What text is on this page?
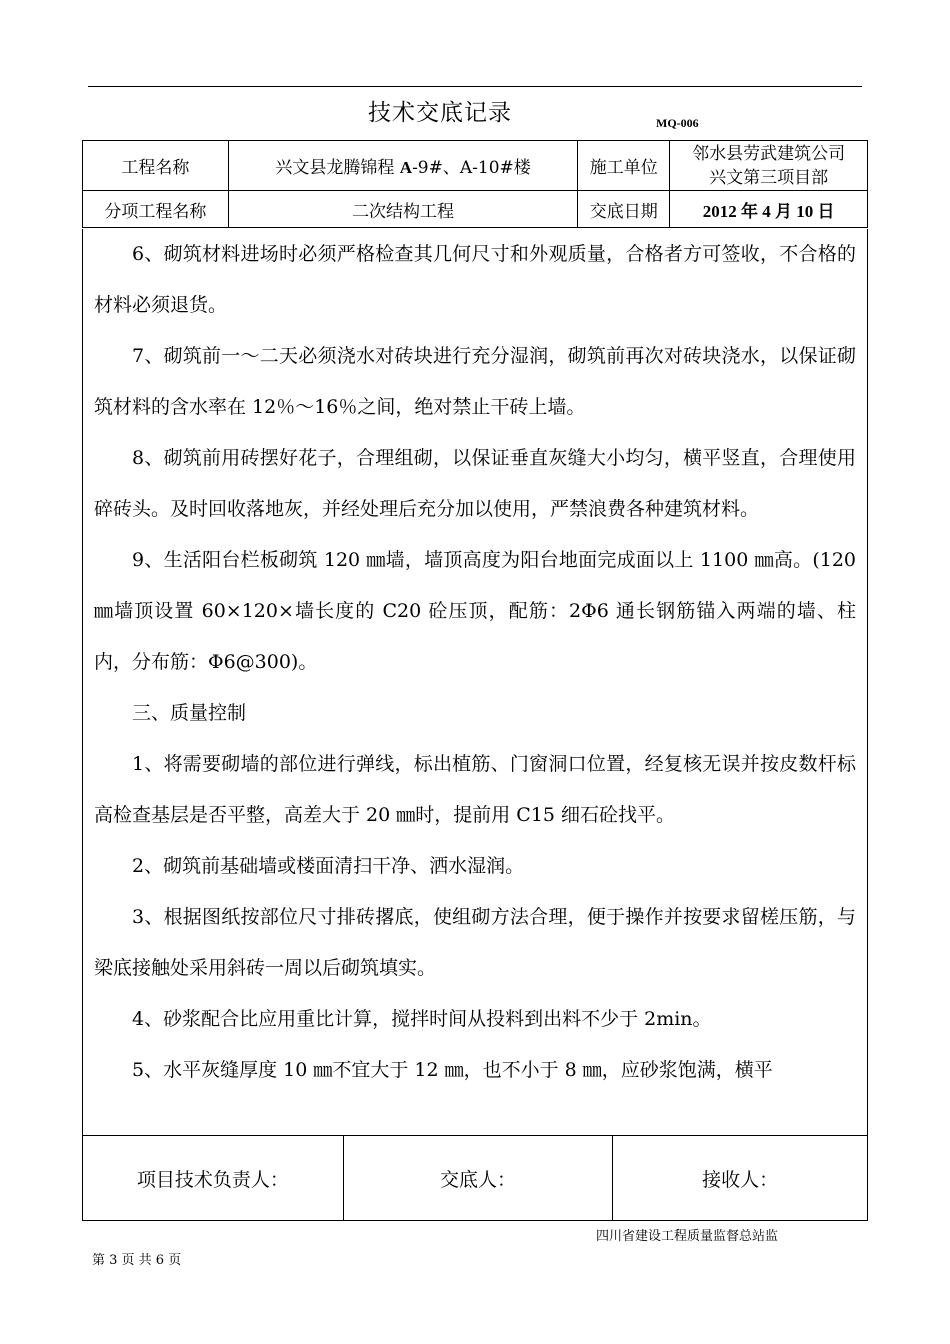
技术交底记录	MQ-006
工程名称	兴文县龙腾锦程 A-9#、A-10#楼	施工单位	邻水县劳武建筑公司
兴文第三项目部

分项工程名称	二次结构工程	交底日期	2012 年 4 月 10 日

6、砌筑材料进场时必须严格检查其几何尺寸和外观质量，合格者方可签收，不合格的材料必须退货。

7、砌筑前一～二天必须浇水对砖块进行充分湿润，砌筑前再次对砖块浇水，以保证砌筑材料的含水率在 12％～16％之间，绝对禁止干砖上墙。

8、砌筑前用砖摆好花子，合理组砌，以保证垂直灰缝大小均匀，横平竖直，合理使用碎砖头。及时回收落地灰，并经处理后充分加以使用，严禁浪费各种建筑材料。

9、生活阳台栏板砌筑 120 ㎜墙，墙顶高度为阳台地面完成面以上 1100 ㎜高。(120 ㎜墙顶设置 60×120×墙长度的 C20 砼压顶，配筋：2Φ6 通长钢筋锚入两端的墙、柱内，分布筋：Φ6@300)。

三、质量控制

1、将需要砌墙的部位进行弹线，标出植筋、门窗洞口位置，经复核无误并按皮数杆标高检查基层是否平整，高差大于 20 ㎜时，提前用 C15 细石砼找平。

2、砌筑前基础墙或楼面清扫干净、洒水湿润。

3、根据图纸按部位尺寸排砖撂底，使组砌方法合理，便于操作并按要求留槎压筋，与梁底接触处采用斜砖一周以后砌筑填实。

4、砂浆配合比应用重比计算，搅拌时间从投料到出料不少于 2min。

5、水平灰缝厚度 10 ㎜不宜大于 12 ㎜，也不小于 8 ㎜，应砂浆饱满，横平

项目技术负责人：	交底人：	接收人：
四川省建设工程质量监督总站监
第 3 页 共 6 页
